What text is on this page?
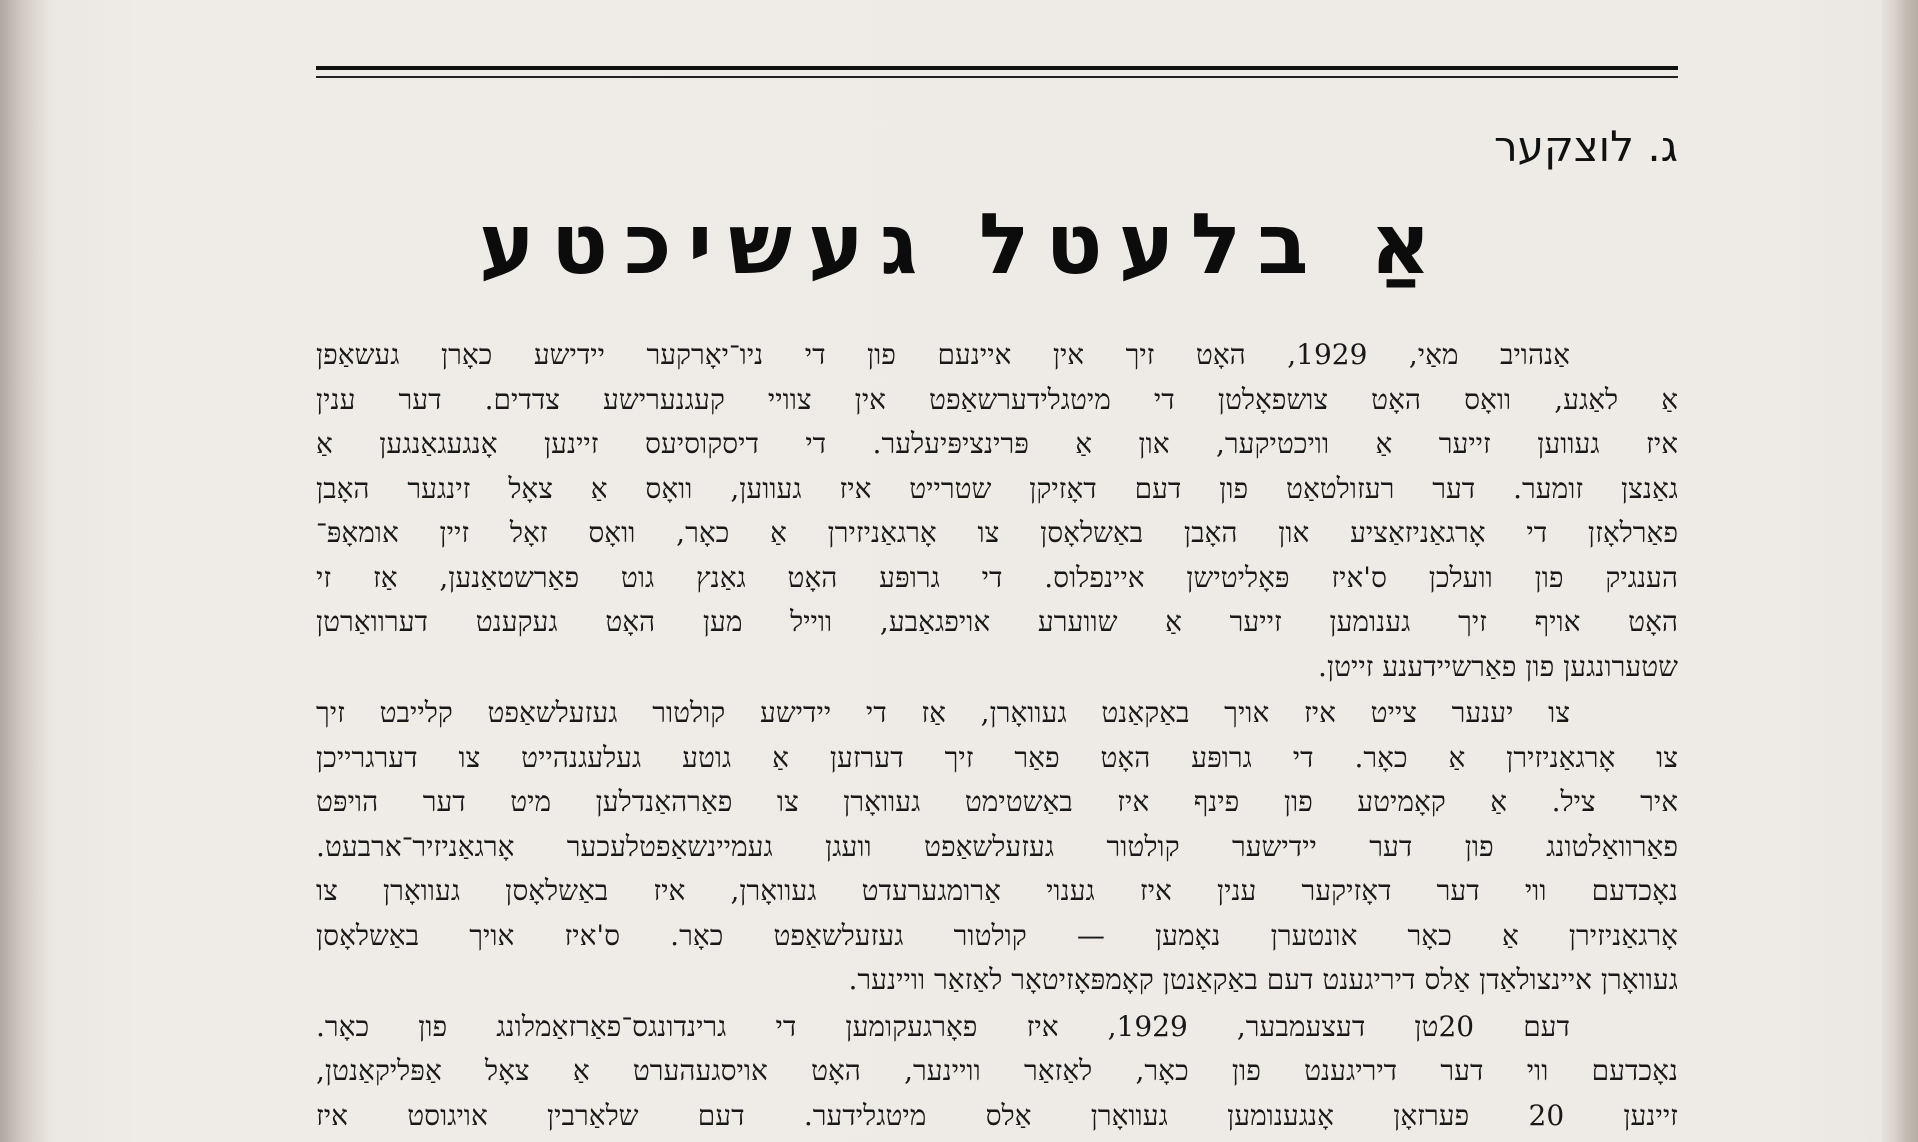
ג. לוצקער
אַ בלעטל געשיכטע
אַנהויב מאַי, 1929, האָט זיך אין איינעם פון די ניו־יאָרקער יידישע כאָרן געשאַפן
אַ לאַגע, וואָס האָט צושפאָלטן די מיטגלידערשאַפט אין צוויי קעגנערישע צדדים. דער ענין
איז געווען זייער אַ וויכטיקער, און אַ פּרינציפּיעלער. די דיסקוסיעס זיינען אָנגעגאַנגען אַ
גאַנצן זומער. דער רעזולטאַט פון דעם דאָזיקן שטרייט איז געווען, וואָס אַ צאָל זינגער האָבן
פאַרלאָזן די אָרגאַניזאַציע און האָבן באַשלאָסן צו אָרגאַניזירן אַ כאָר, וואָס זאָל זיין אומאָפּ־
הענגיק פון וועלכן ס'איז פּאָליטישן איינפלוס. די גרופּע האָט גאַנץ גוט פאַרשטאַנען, אַז זי
האָט אויף זיך גענומען זייער אַ שווערע אויפגאַבע, ווייל מען האָט געקענט דערוואַרטן
שטערונגען פון פאַרשיידענע זייטן.
צו יענער צייט איז אויך באַקאַנט געוואָרן, אַז די יידישע קולטור געזעלשאַפט קלייבט זיך
צו אָרגאַניזירן אַ כאָר. די גרופּע האָט פאַר זיך דערזען אַ גוטע געלעגנהייט צו דערגרייכן
איר ציל. אַ קאָמיטע פון פינף איז באַשטימט געוואָרן צו פאַרהאַנדלען מיט דער הויפּט
פאַרוואַלטונג פון דער יידישער קולטור געזעלשאַפט וועגן געמיינשאַפטלעכער אָרגאַניזיר־ארבעט.
נאָכדעם ווי דער דאָזיקער ענין איז גענוי אַרומגערעדט געוואָרן, איז באַשלאָסן געוואָרן צו
אָרגאַניזירן אַ כאָר אונטערן נאָמען — קולטור געזעלשאַפט כאָר. ס'איז אויך באַשלאָסן
געוואָרן איינצולאַדן אַלס דיריגענט דעם באַקאַנטן קאָמפּאָזיטאָר לאַזאַר וויינער.
דעם 20טן דעצעמבער, 1929, איז פאָרגעקומען די גרינדונגס־פאַרזאַמלונג פון כאָר.
נאָכדעם ווי דער דיריגענט פון כאָר, לאַזאַר וויינער, האָט אויסגעהערט אַ צאָל אַפּליקאַנטן,
זיינען 20 פערזאָן אָנגענומען געוואָרן אַלס מיטגלידער. דעם שלאַרבין אויגוסט איז
